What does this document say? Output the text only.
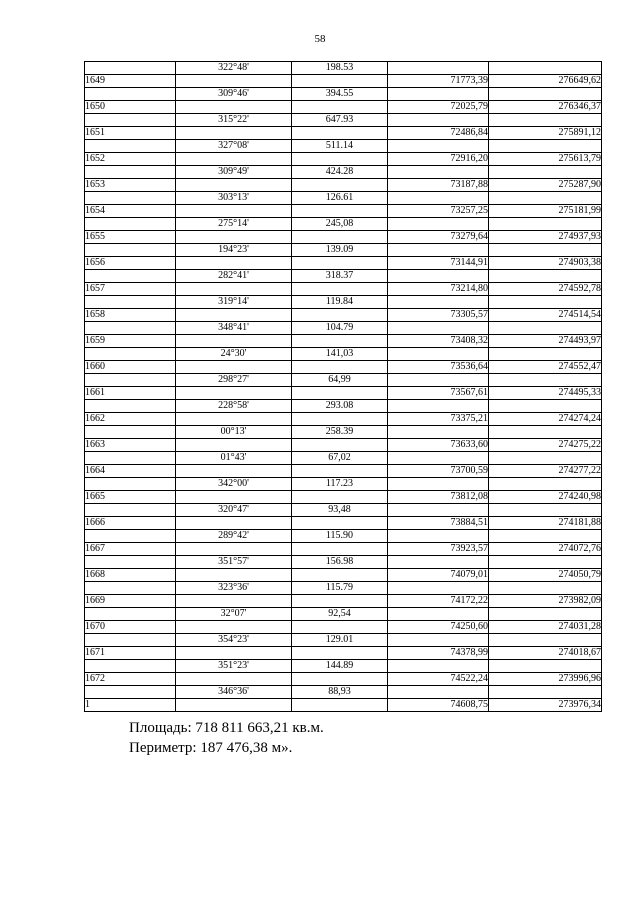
58
	322°48'	198.53		
1649			71773,39	276649,62
	309°46'	394.55		
1650			72025,79	276346,37
	315°22'	647.93		
1651			72486,84	275891,12
	327°08'	511.14		
1652			72916,20	275613,79
	309°49'	424.28		
1653			73187,88	275287,90
	303°13'	126.61		
1654			73257,25	275181,99
	275°14'	245,08		
1655			73279,64	274937,93
	194°23'	139.09		
1656			73144,91	274903,38
	282°41'	318.37		
1657			73214,80	274592,78
	319°14'	119.84		
1658			73305,57	274514,54
	348°41'	104.79		
1659			73408,32	274493,97
	24°30'	141,03		
1660			73536,64	274552,47
	298°27'	64,99		
1661			73567,61	274495,33
	228°58'	293.08		
1662			73375,21	274274,24
	00°13'	258.39		
1663			73633,60	274275,22
	01°43'	67,02		
1664			73700,59	274277,22
	342°00'	117.23		
1665			73812,08	274240,98
	320°47'	93,48		
1666			73884,51	274181,88
	289°42'	115.90		
1667			73923,57	274072,76
	351°57'	156.98		
1668			74079,01	274050,79
	323°36'	115.79		
1669			74172,22	273982,09
	32°07'	92,54		
1670			74250,60	274031,28
	354°23'	129.01		
1671			74378,99	274018,67
	351°23'	144.89		
1672			74522,24	273996,96
	346°36'	88,93		
1			74608,75	273976,34
Площадь: 718 811 663,21 кв.м.
Периметр: 187 476,38 м».
